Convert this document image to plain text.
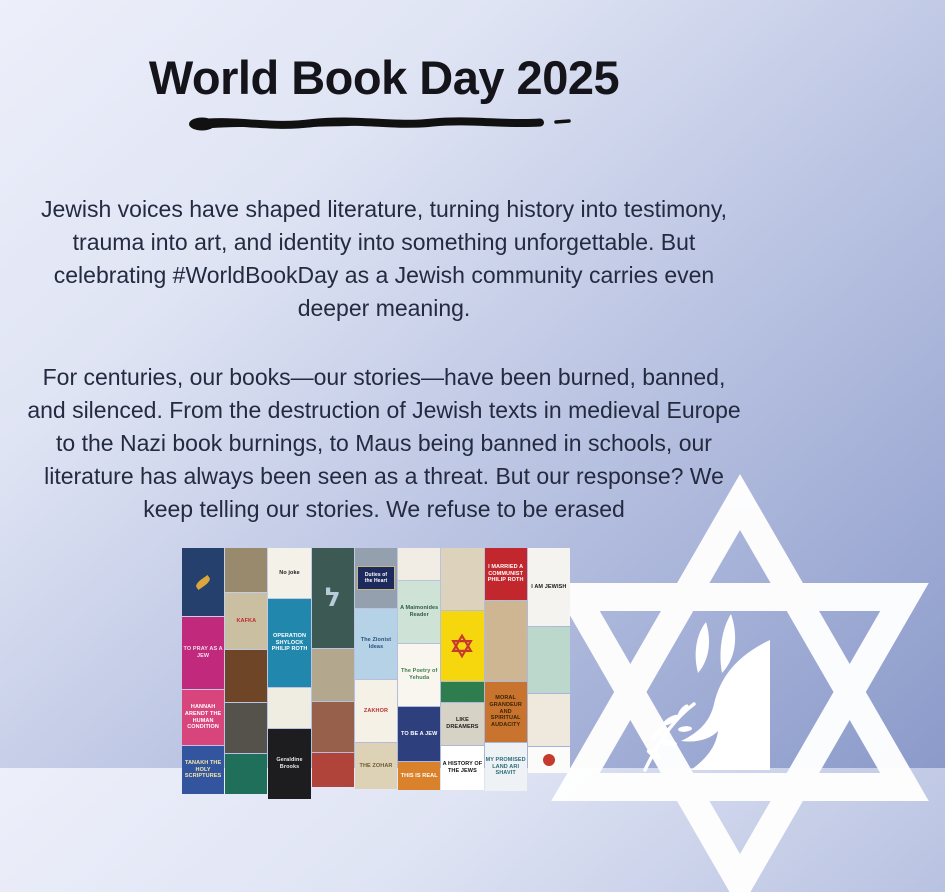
World Book Day 2025

Jewish voices have shaped literature, turning history into testimony, trauma into art, and identity into something unforgettable. But celebrating #WorldBookDay as a Jewish community carries even deeper meaning.

For centuries, our books—our stories—have been burned, banned, and silenced. From the destruction of Jewish texts in medieval Europe to the Nazi book burnings, to Maus being banned in schools, our literature has always been seen as a threat. But our response? We keep telling our stories. We refuse to be erased

TO PRAY AS A JEW
HANNAH ARENDT THE HUMAN CONDITION
TANAKH THE HOLY SCRIPTURES
KAFKA
No joke
OPERATION SHYLOCK PHILIP ROTH
Geraldine Brooks
ל
Duties of the Heart
The Zionist Ideas
ZAKHOR
THE ZOHAR
A Maimonides Reader
The Poetry of Yehuda
TO BE A JEW
THIS IS REAL
LIKE DREAMERS
A HISTORY OF THE JEWS
I MARRIED A COMMUNIST PHILIP ROTH
MORAL GRANDEUR AND SPIRITUAL AUDACITY
MY PROMISED LAND ARI SHAVIT
I AM JEWISH
